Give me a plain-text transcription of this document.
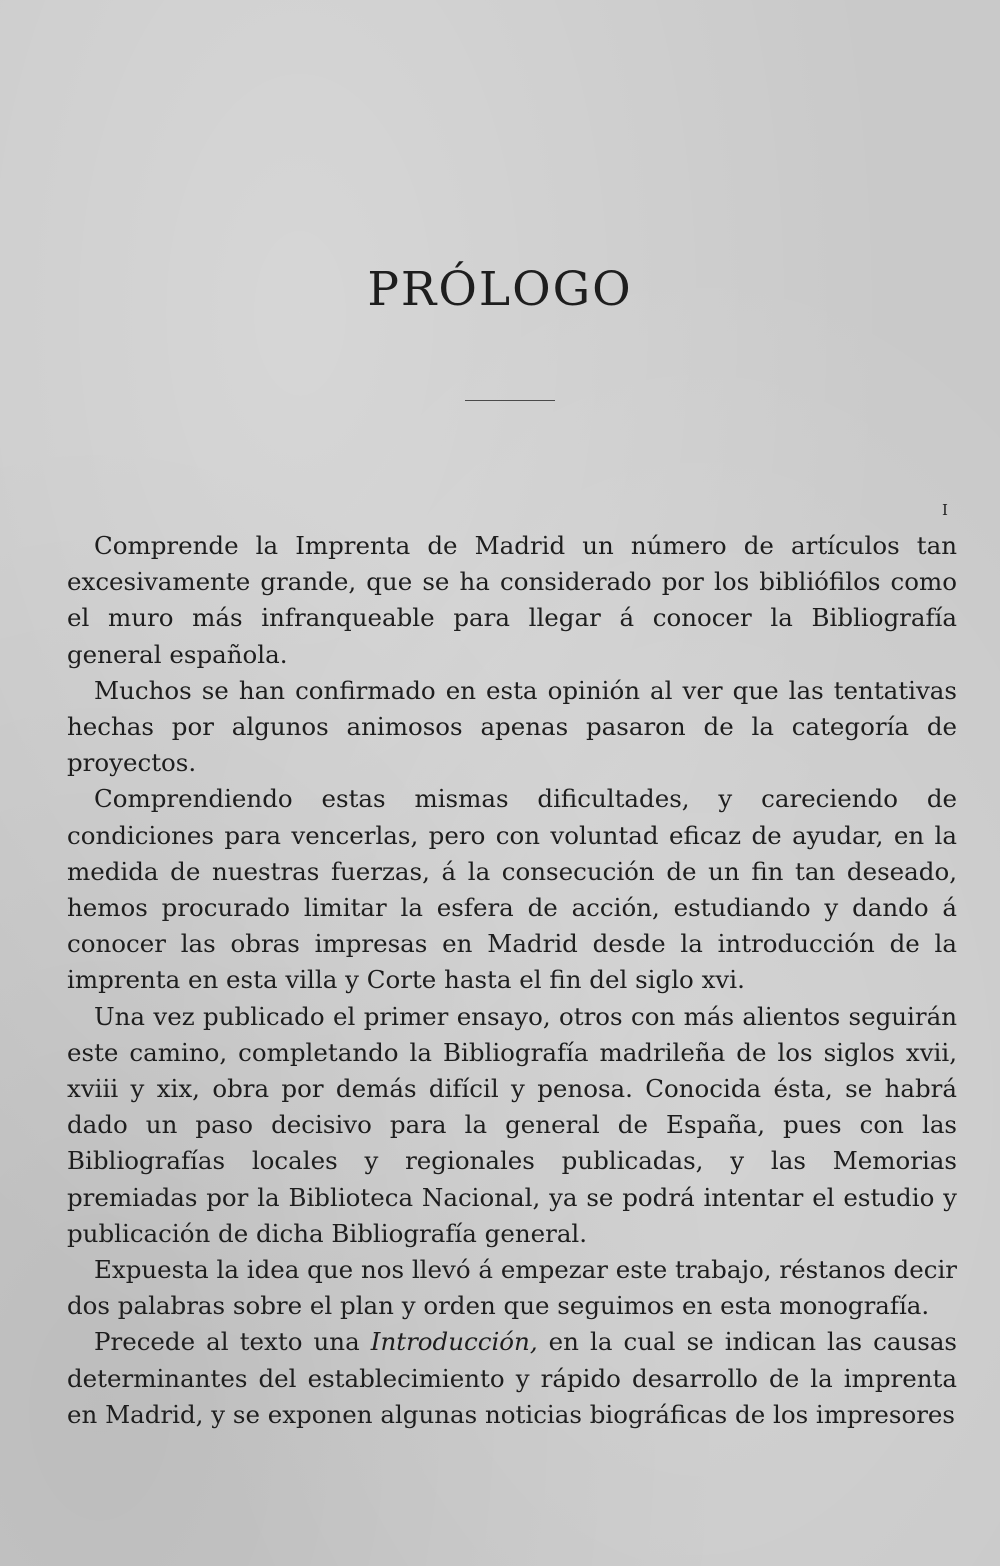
PRÓLOGO
I

Comprende la Imprenta de Madrid un número de artículos tan excesivamente grande, que se ha considerado por los bibliófilos como el muro más infranqueable para llegar á conocer la Bibliografía general española.

Muchos se han confirmado en esta opinión al ver que las tentativas hechas por algunos animosos apenas pasaron de la categoría de proyectos.

Comprendiendo estas mismas dificultades, y careciendo de condiciones para vencerlas, pero con voluntad eficaz de ayudar, en la medida de nuestras fuerzas, á la consecución de un fin tan deseado, hemos procurado limitar la esfera de acción, estudiando y dando á conocer las obras impresas en Madrid desde la introducción de la imprenta en esta villa y Corte hasta el fin del siglo xvi.

Una vez publicado el primer ensayo, otros con más alientos seguirán este camino, completando la Bibliografía madrileña de los siglos xvii, xviii y xix, obra por demás difícil y penosa. Conocida ésta, se habrá dado un paso decisivo para la general de España, pues con las Bibliografías locales y regionales publicadas, y las Memorias premiadas por la Biblioteca Nacional, ya se podrá intentar el estudio y publicación de dicha Bibliografía general.

Expuesta la idea que nos llevó á empezar este trabajo, réstanos decir dos palabras sobre el plan y orden que seguimos en esta monografía.

Precede al texto una Introducción, en la cual se indican las causas determinantes del establecimiento y rápido desarrollo de la imprenta en Madrid, y se exponen algunas noticias biográficas de los impresores
